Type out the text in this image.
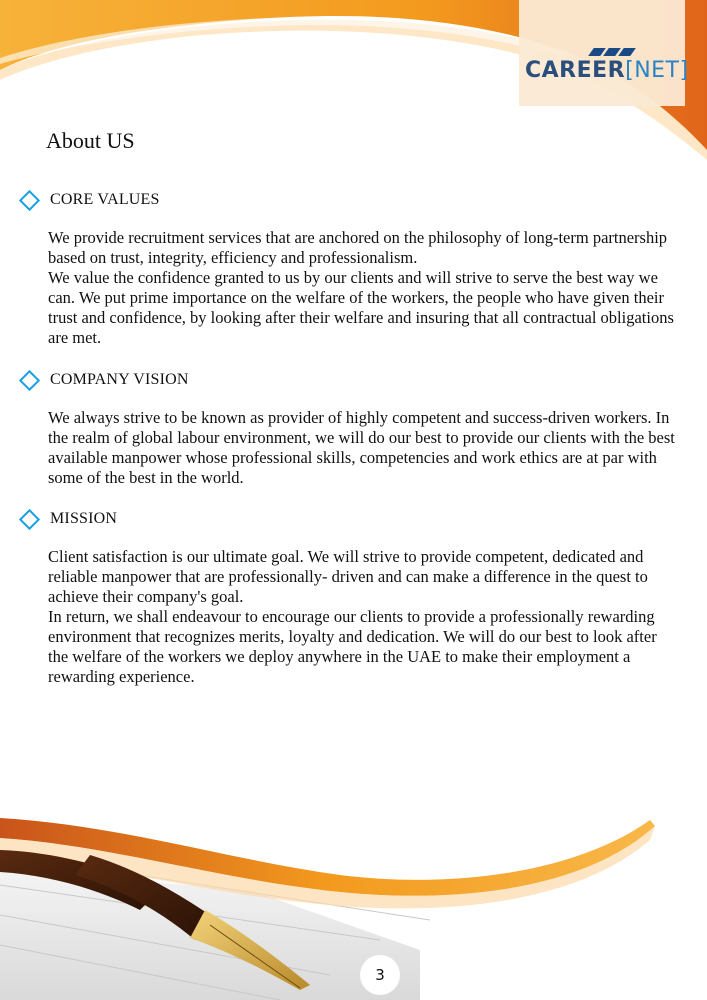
CAREER[NET]
About US
CORE VALUES

We provide recruitment services that are anchored on the philosophy of long-term partnership based on trust, integrity, efficiency and professionalism.

We value the confidence granted to us by our clients and will strive to serve the best way we can. We put prime importance on the welfare of the workers, the people who have given their trust and confidence, by looking after their welfare and insuring that all contractual obligations are met.

COMPANY VISION

We always strive to be known as provider of highly competent and success-driven workers. In the realm of global labour environment, we will do our best to provide our clients with the best available manpower whose professional skills, competencies and work ethics are at par with some of the best in the world.

MISSION

Client satisfaction is our ultimate goal. We will strive to provide competent, dedicated and reliable manpower that are professionally- driven and can make a difference in the quest to achieve their company's goal.

In return, we shall endeavour to encourage our clients to provide a professionally rewarding environment that recognizes merits, loyalty and dedication. We will do our best to look after the welfare of the workers we deploy anywhere in the UAE to make their employment a rewarding experience.

3
